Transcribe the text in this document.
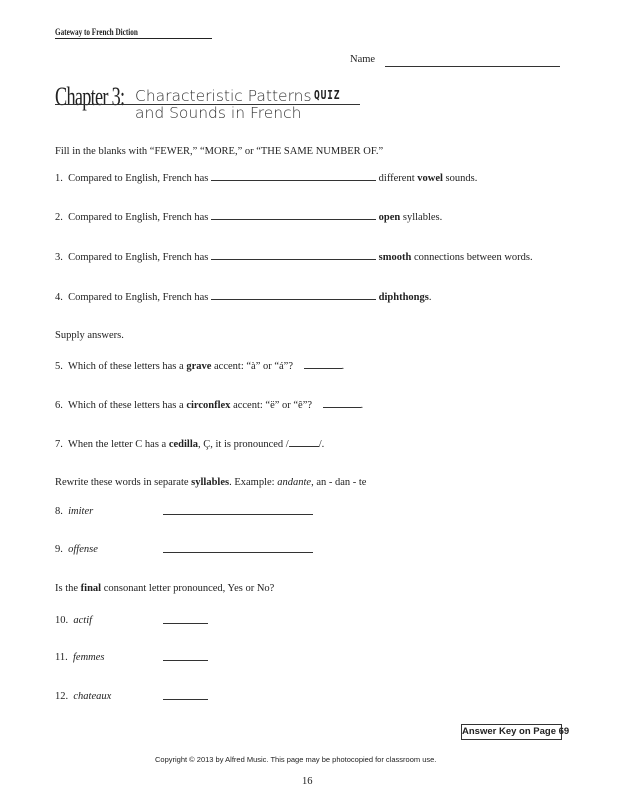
Gateway to French Diction
Name
Chapter 3: Characteristic Patterns
and Sounds in French
QUIZ
Fill in the blanks with “FEWER,” “MORE,” or “THE SAME NUMBER OF.”
1. Compared to English, French has	different vowel sounds.
2. Compared to English, French has	open syllables.
3. Compared to English, French has	smooth connections between words.
4. Compared to English, French has	diphthongs.
Supply answers.
5. Which of these letters has a grave accent: “à” or “á”?	.
6. Which of these letters has a circonflex accent: “ë” or “ê”?	.
7. When the letter C has a cedilla, Ç, it is pronounced /	/.
Rewrite these words in separate syllables. Example: andante, an - dan - te
8. imiter
9. offense
Is the final consonant letter pronounced, Yes or No?
10. actif
11. femmes
12. chateaux
Answer Key on Page 69
Copyright © 2013 by Alfred Music. This page may be photocopied for classroom use.
16
